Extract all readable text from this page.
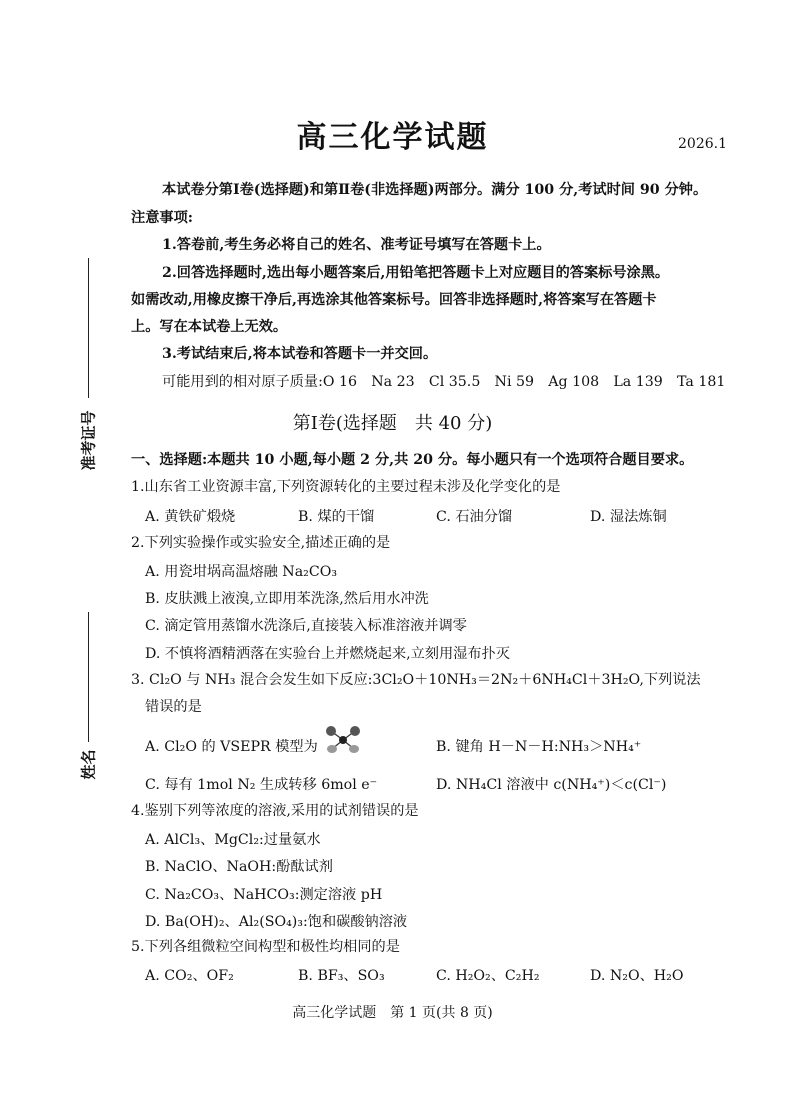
高三化学试题	2026.1
本试卷分第Ⅰ卷(选择题)和第Ⅱ卷(非选择题)两部分。满分 100 分,考试时间 90 分钟。
注意事项:
1.答卷前,考生务必将自己的姓名、准考证号填写在答题卡上。
2.回答选择题时,选出每小题答案后,用铅笔把答题卡上对应题目的答案标号涂黑。
如需改动,用橡皮擦干净后,再选涂其他答案标号。回答非选择题时,将答案写在答题卡
上。写在本试卷上无效。
3.考试结束后,将本试卷和答题卡一并交回。
可能用到的相对原子质量:O 16　Na 23　Cl 35.5　Ni 59　Ag 108　La 139　Ta 181
准考证号
姓名
第Ⅰ卷(选择题　共 40 分)
一、选择题:本题共 10 小题,每小题 2 分,共 20 分。每小题只有一个选项符合题目要求。
1.山东省工业资源丰富,下列资源转化的主要过程未涉及化学变化的是
A. 黄铁矿煅烧	B. 煤的干馏	C. 石油分馏	D. 湿法炼铜
2.下列实验操作或实验安全,描述正确的是
A. 用瓷坩埚高温熔融 Na₂CO₃
B. 皮肤溅上液溴,立即用苯洗涤,然后用水冲洗
C. 滴定管用蒸馏水洗涤后,直接装入标准溶液并调零
D. 不慎将酒精洒落在实验台上并燃烧起来,立刻用湿布扑灭
3. Cl₂O 与 NH₃ 混合会发生如下反应:3Cl₂O＋10NH₃＝2N₂＋6NH₄Cl＋3H₂O,下列说法
错误的是
A. Cl₂O 的 VSEPR 模型为	B. 键角 H－N－H:NH₃＞NH₄⁺
C. 每有 1mol N₂ 生成转移 6mol e⁻	D. NH₄Cl 溶液中 c(NH₄⁺)＜c(Cl⁻)
4.鉴别下列等浓度的溶液,采用的试剂错误的是
A. AlCl₃、MgCl₂:过量氨水
B. NaClO、NaOH:酚酞试剂
C. Na₂CO₃、NaHCO₃:测定溶液 pH
D. Ba(OH)₂、Al₂(SO₄)₃:饱和碳酸钠溶液
5.下列各组微粒空间构型和极性均相同的是
A. CO₂、OF₂	B. BF₃、SO₃	C. H₂O₂、C₂H₂	D. N₂O、H₂O
高三化学试题　第 1 页(共 8 页)
